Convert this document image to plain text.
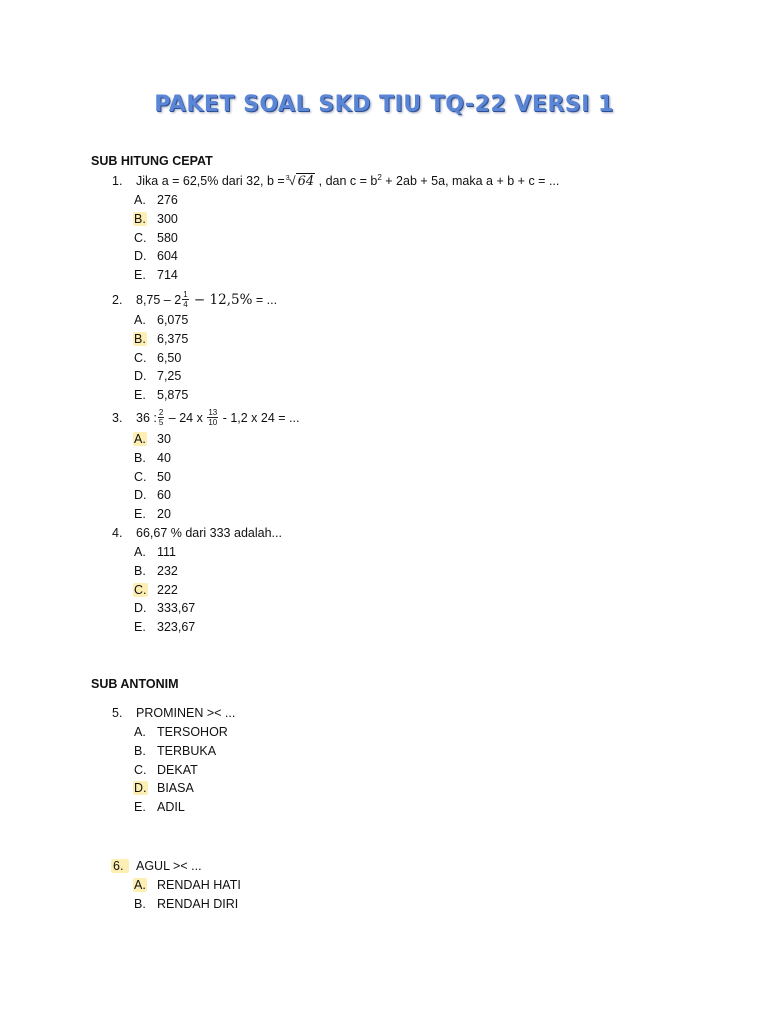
PAKET SOAL SKD TIU TQ-22 VERSI 1
SUB HITUNG CEPAT
1. Jika a = 62,5% dari 32, b = 3 √ 64 , dan $c = b^2 + 2ab + 5a$, maka a + b + c = ...
A. 276
B. 300
C. 580
D. 604
E. 714
2. $8,75 - 2 \frac{1}{4} - 12,5\%$ = ...
A. 6,075
B. 6,375
C. 6,50
D. 7,25
E. 5,875
3. 36 : $\frac{2}{5} - 24$ x $\frac{13}{10} - 1,2$ x 24 = ...
A. 30
B. 40
C. 50
D. 60
E. 20
4. 66,67 % dari 333 adalah...
A. 111
B. 232
C. 222
D. 333,67
E. 323,67
SUB ANTONIM
5. PROMINEN >< ...
A. TERSOHOR
B. TERBUKA
C. DEKAT
D. BIASA
E. ADIL
6. AGUL >< ...
A. RENDAH HATI
B. RENDAH DIRI
